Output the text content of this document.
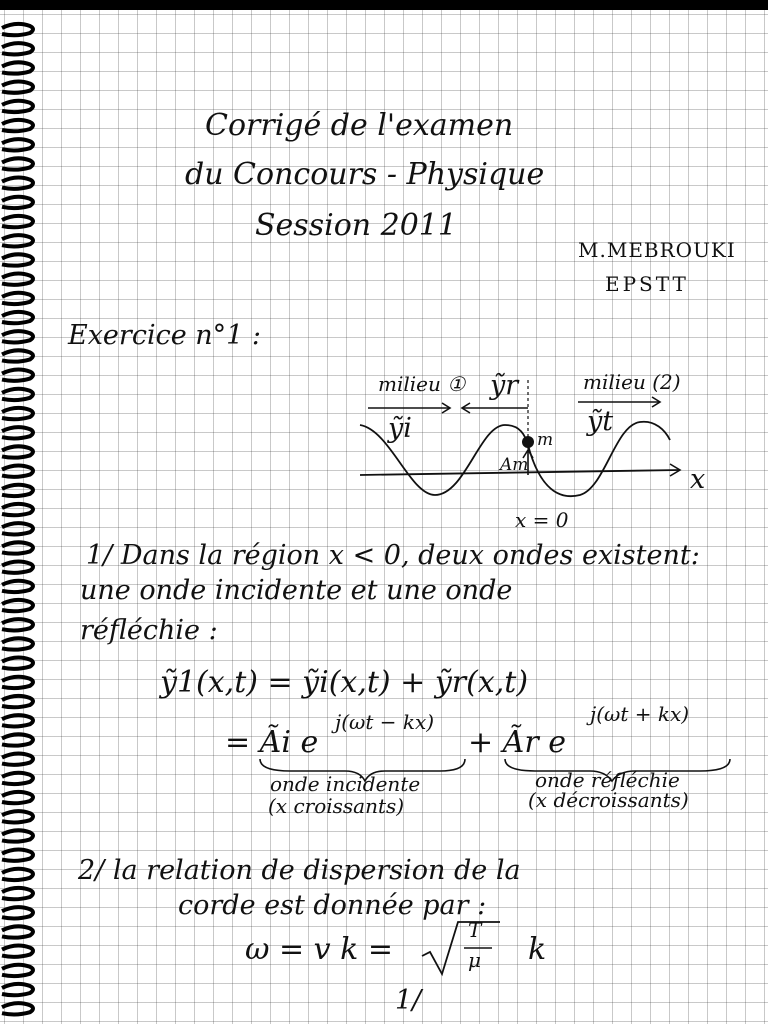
Corrigé de l'examen
du Concours - Physique
Session 2011
M.MEBROUKI
EPSTT
Exercice n°1 :
milieu ①	milieu (2)
ỹr
ỹi	ỹt
m
Am	x
x = 0
1/ Dans la région x < 0, deux ondes existent:
une onde incidente et une onde
réfléchie :
ỹ1(x,t) = ỹi(x,t) + ỹr(x,t)
= Ãi e
j(ωt − kx)
+ Ãr e
j(ωt + kx)
onde incidente
(x croissants)
onde réfléchie
(x décroissants)
2/ la relation de dispersion de la
corde est donnée par :
ω = v k =
T
μ k
1/
